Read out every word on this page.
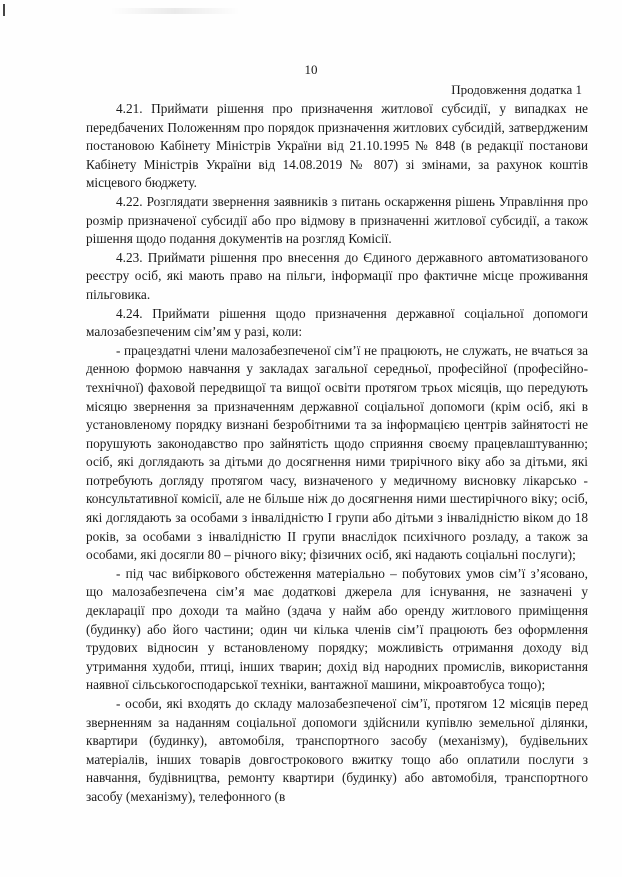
10
Продовження додатка 1

4.21. Приймати рішення про призначення житлової субсидії, у випадках не передбачених Положенням про порядок призначення житлових субсидій, затвердженим постановою Кабінету Міністрів України від 21.10.1995 № 848 (в редакції постанови Кабінету Міністрів України від 14.08.2019 № 807) зі змінами, за рахунок коштів місцевого бюджету.

4.22. Розглядати звернення заявників з питань оскарження рішень Управління про розмір призначеної субсидії або про відмову в призначенні житлової субсидії, а також рішення щодо подання документів на розгляд Комісії.

4.23. Приймати рішення про внесення до Єдиного державного автоматизованого реєстру осіб, які мають право на пільги, інформації про фактичне місце проживання пільговика.

4.24. Приймати рішення щодо призначення державної соціальної допомоги малозабезпеченим сім’ям у разі, коли:

- працездатні члени малозабезпеченої сім’ї не працюють, не служать, не вчаться за денною формою навчання у закладах загальної середньої, професійної (професійно-технічної) фаховой передвищої та вищої освіти протягом трьох місяців, що передують місяцю звернення за призначенням державної соціальної допомоги (крім осіб, які в установленому порядку визнані безробітними та за інформацією центрів зайнятості не порушують законодавство про зайнятість щодо сприяння своєму працевлаштуванню; осіб, які доглядають за дітьми до досягнення ними трирічного віку або за дітьми, які потребують догляду протягом часу, визначеного у медичному висновку лікарсько - консультативної комісії, але не більше ніж до досягнення ними шестирічного віку; осіб, які доглядають за особами з інвалідністю І групи або дітьми з інвалідністю віком до 18 років, за особами з інвалідністю ІІ групи внаслідок психічного розладу, а також за особами, які досягли 80 – річного віку; фізичних осіб, які надають соціальні послуги);

- під час вибіркового обстеження матеріально – побутових умов сім’ї з’ясовано, що малозабезпечена сім’я має додаткові джерела для існування, не зазначені у декларації про доходи та майно (здача у найм або оренду житлового приміщення (будинку) або його частини; один чи кілька членів сім’ї працюють без оформлення трудових відносин у встановленому порядку; можливість отримання доходу від утримання худоби, птиці, інших тварин; дохід від народних промислів, використання наявної сільськогосподарської техніки, вантажної машини, мікроавтобуса тощо);

- особи, які входять до складу малозабезпеченої сім’ї, протягом 12 місяців перед зверненням за наданням соціальної допомоги здійснили купівлю земельної ділянки, квартири (будинку), автомобіля, транспортного засобу (механізму), будівельних матеріалів, інших товарів довгострокового вжитку тощо або оплатили послуги з навчання, будівництва, ремонту квартири (будинку) або автомобіля, транспортного засобу (механізму), телефонного (в
